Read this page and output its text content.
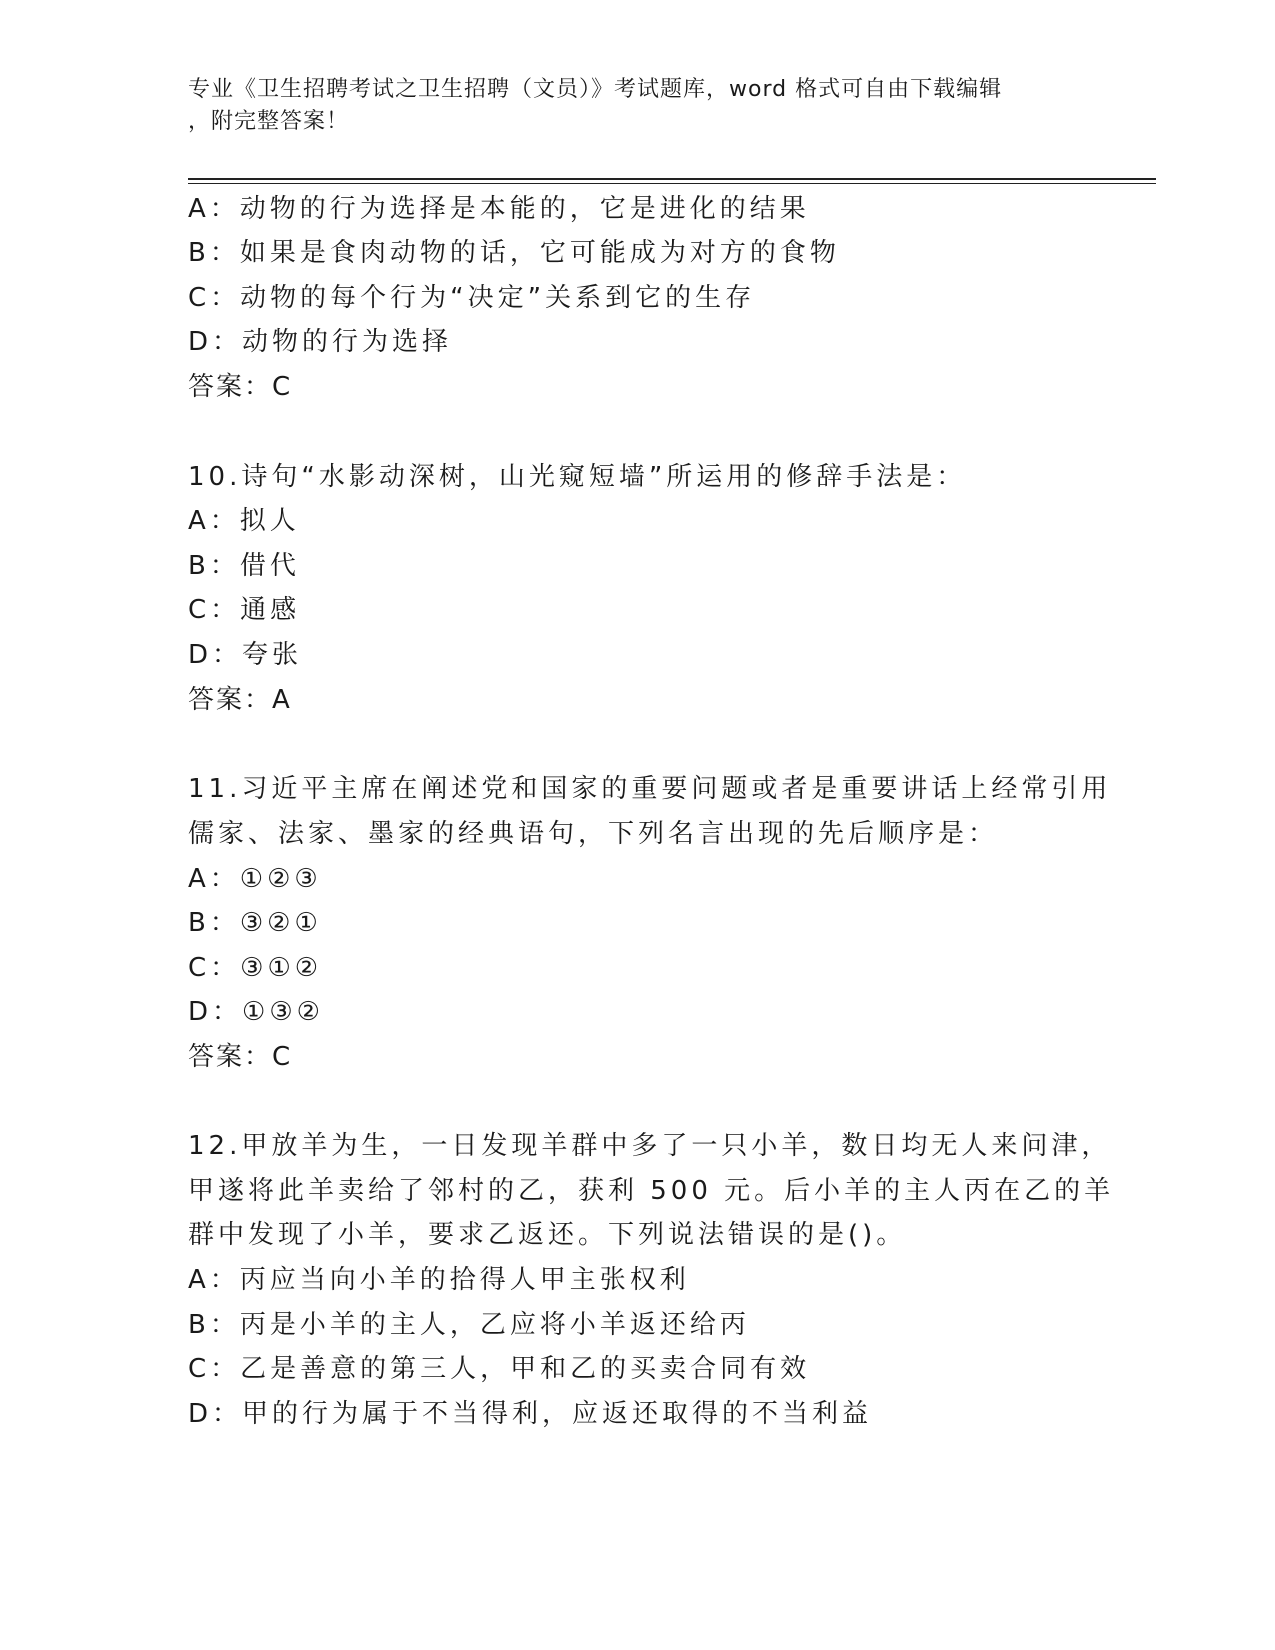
专业《卫生招聘考试之卫生招聘（文员）》考试题库，word 格式可自由下载编辑
，附完整答案！
A：动物的行为选择是本能的，它是进化的结果
B：如果是食肉动物的话，它可能成为对方的食物
C：动物的每个行为“决定”关系到它的生存
D：动物的行为选择
答案：C
10.诗句“水影动深树，山光窥短墙”所运用的修辞手法是：
A：拟人
B：借代
C：通感
D：夸张
答案：A
11.习近平主席在阐述党和国家的重要问题或者是重要讲话上经常引用
儒家、法家、墨家的经典语句，下列名言出现的先后顺序是：
A：①②③
B：③②①
C：③①②
D：①③②
答案：C
12.甲放羊为生，一日发现羊群中多了一只小羊，数日均无人来问津，
甲遂将此羊卖给了邻村的乙，获利 500 元。后小羊的主人丙在乙的羊
群中发现了小羊，要求乙返还。下列说法错误的是()。
A：丙应当向小羊的拾得人甲主张权利
B：丙是小羊的主人，乙应将小羊返还给丙
C：乙是善意的第三人，甲和乙的买卖合同有效
D：甲的行为属于不当得利，应返还取得的不当利益
